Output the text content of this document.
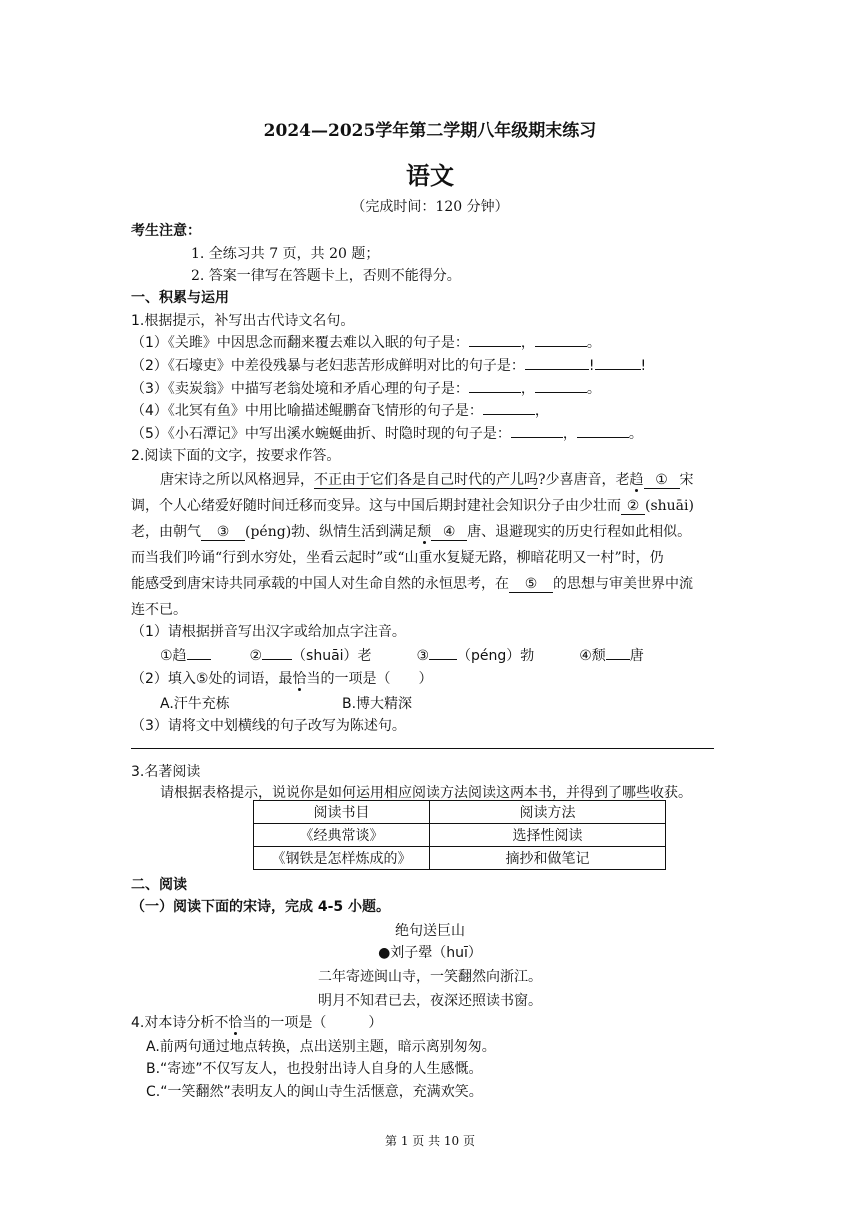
2024—2025学年第二学期八年级期末练习
语文
（完成时间：120 分钟）
考生注意：
1. 全练习共 7 页，共 20 题；
2. 答案一律写在答题卡上，否则不能得分。
一、积累与运用
1.根据提示，补写出古代诗文名句。
（1）《关雎》中因思念而翻来覆去难以入眠的句子是：	，	。
（2）《石壕吏》中差役残暴与老妇悲苦形成鲜明对比的句子是：	!	!
（3）《卖炭翁》中描写老翁处境和矛盾心理的句子是：	，	。
（4）《北冥有鱼》中用比喻描述鲲鹏奋飞情形的句子是：	，
（5）《小石潭记》中写出溪水蜿蜒曲折、时隐时现的句子是：	，	。
2.阅读下面的文字，按要求作答。
唐宋诗之所以风格迥异，不正由于它们各是自己时代的产儿吗?少喜唐音，老趋 ① 宋
调，个人心绪爱好随时间迁移而变异。这与中国后期封建社会知识分子由少壮而 ② (shuāi)
老，由朝气 ③ (péng)勃、纵情生活到满足颓 ④ 唐、退避现实的历史行程如此相似。
而当我们吟诵“行到水穷处，坐看云起时”或“山重水复疑无路，柳暗花明又一村”时，仍
能感受到唐宋诗共同承载的中国人对生命自然的永恒思考，在 ⑤ 的思想与审美世界中流
连不已。
（1）请根据拼音写出汉字或给加点字注音。
①趋	② （shuāi）老	③ （péng）勃	④颓 唐
（2）填入⑤处的词语，最恰当的一项是（　　）
A.汗牛充栋	B.博大精深
（3）请将文中划横线的句子改写为陈述句。
3.名著阅读
请根据表格提示，说说你是如何运用相应阅读方法阅读这两本书，并得到了哪些收获。
阅读书目	阅读方法
《经典常谈》	选择性阅读
《钢铁是怎样炼成的》	摘抄和做笔记
二、阅读
（一）阅读下面的宋诗，完成 4-5 小题。
绝句送巨山
●刘子翚（huī）
二年寄迹闽山寺，一笑翻然向浙江。
明月不知君已去，夜深还照读书窗。
4.对本诗分析不恰当的一项是（　　　）
A.前两句通过地点转换，点出送别主题，暗示离别匆匆。
B.“寄迹”不仅写友人，也投射出诗人自身的人生感慨。
C.“一笑翻然”表明友人的闽山寺生活惬意，充满欢笑。
第 1 页 共 10 页
